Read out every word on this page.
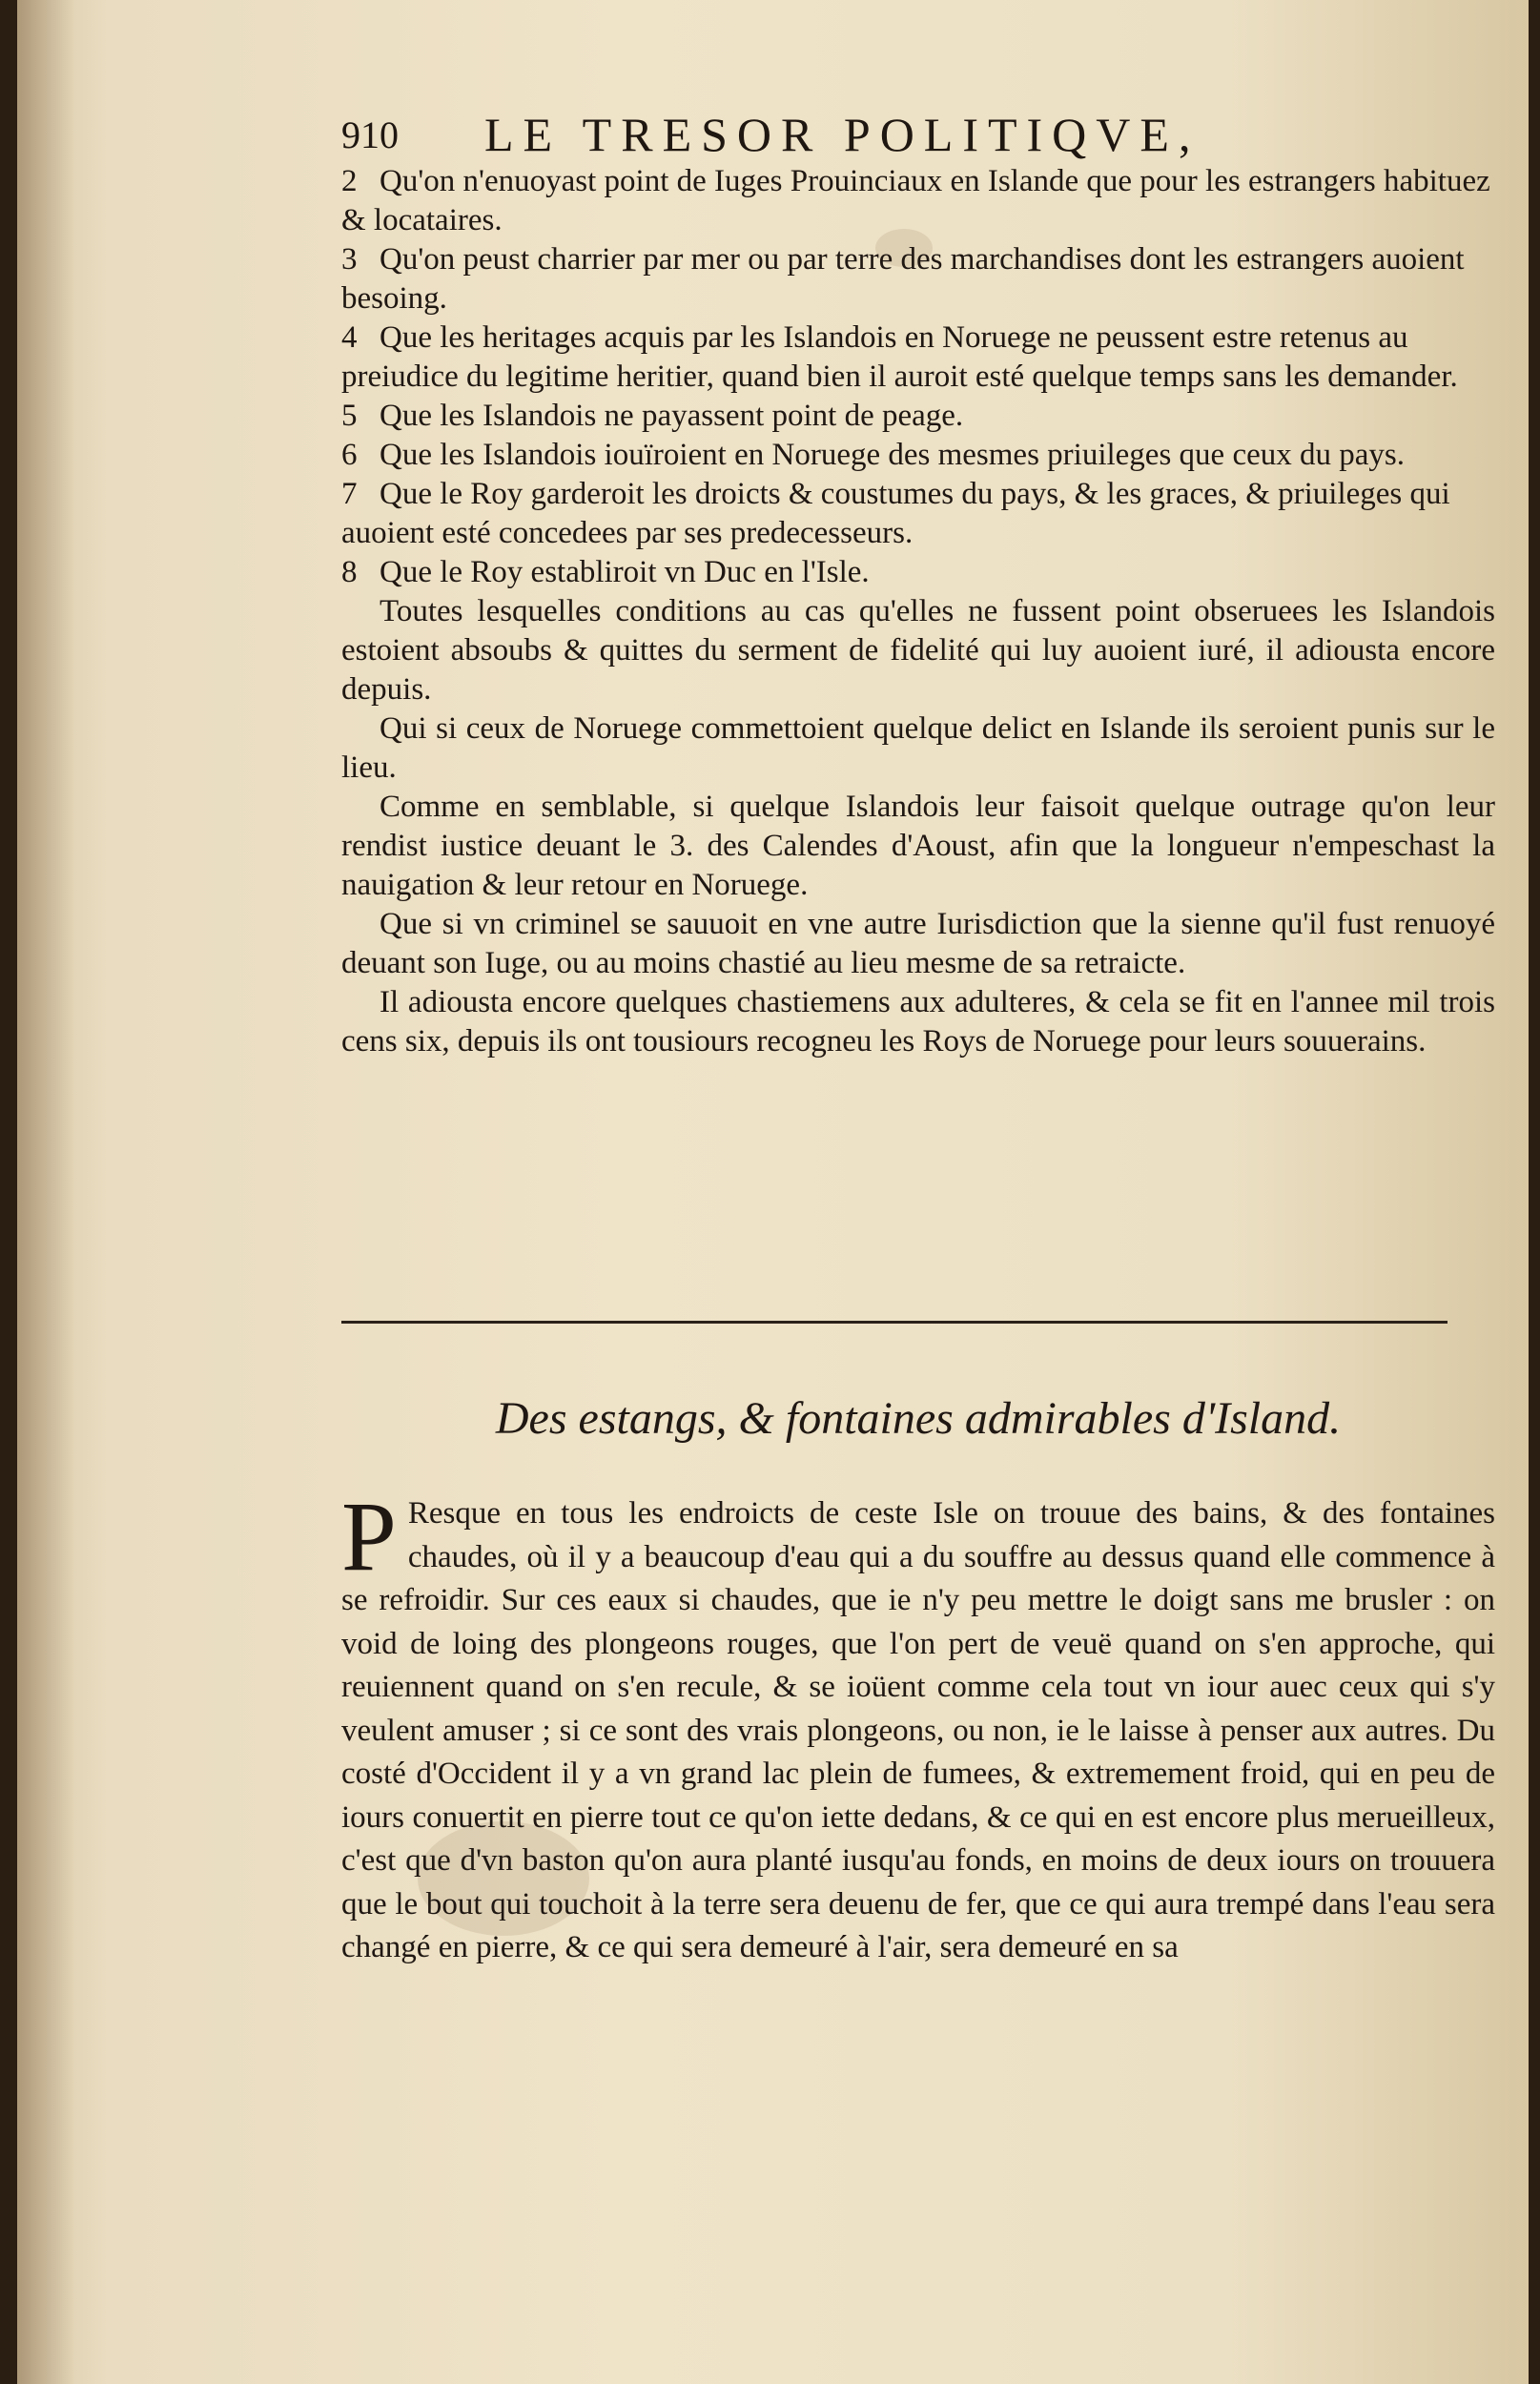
910 LE TRESOR POLITIQVE,

2 Qu'on n'enuoyast point de Iuges Prouinciaux en Islande que pour les estrangers habituez & locataires.

3 Qu'on peust charrier par mer ou par terre des marchandises dont les estrangers auoient besoing.

4 Que les heritages acquis par les Islandois en Noruege ne peussent estre retenus au preiudice du legitime heritier, quand bien il auroit esté quelque temps sans les demander.

5 Que les Islandois ne payassent point de peage.

6 Que les Islandois iouïroient en Noruege des mesmes priuileges que ceux du pays.

7 Que le Roy garderoit les droicts & coustumes du pays, & les graces, & priuileges qui auoient esté concedees par ses predecesseurs.

8 Que le Roy establiroit vn Duc en l'Isle.

Toutes lesquelles conditions au cas qu'elles ne fussent point obseruees les Islandois estoient absoubs & quittes du serment de fidelité qui luy auoient iuré, il adiousta encore depuis.

Qui si ceux de Noruege commettoient quelque delict en Islande ils seroient punis sur le lieu.

Comme en semblable, si quelque Islandois leur faisoit quelque outrage qu'on leur rendist iustice deuant le 3. des Calendes d'Aoust, afin que la longueur n'empeschast la nauigation & leur retour en Noruege.

Que si vn criminel se sauuoit en vne autre Iurisdiction que la sienne qu'il fust renuoyé deuant son Iuge, ou au moins chastié au lieu mesme de sa retraicte.

Il adiousta encore quelques chastiemens aux adulteres, & cela se fit en l'annee mil trois cens six, depuis ils ont tousiours recogneu les Roys de Noruege pour leurs souuerains.

Des estangs, & fontaines admirables d'Island.
P Resque en tous les endroicts de ceste Isle on trouue des bains, & des fontaines chaudes, où il y a beaucoup d'eau qui a du souffre au dessus quand elle commence à se refroidir. Sur ces eaux si chaudes, que ie n'y peu mettre le doigt sans me brusler : on void de loing des plongeons rouges, que l'on pert de veuë quand on s'en approche, qui reuiennent quand on s'en recule, & se ioüent comme cela tout vn iour auec ceux qui s'y veulent amuser ; si ce sont des vrais plongeons, ou non, ie le laisse à penser aux autres. Du costé d'Occident il y a vn grand lac plein de fumees, & extremement froid, qui en peu de iours conuertit en pierre tout ce qu'on iette dedans, & ce qui en est encore plus merueilleux, c'est que d'vn baston qu'on aura planté iusqu'au fonds, en moins de deux iours on trouuera que le bout qui touchoit à la terre sera deuenu de fer, que ce qui aura trempé dans l'eau sera changé en pierre, & ce qui sera demeuré à l'air, sera demeuré en sa
